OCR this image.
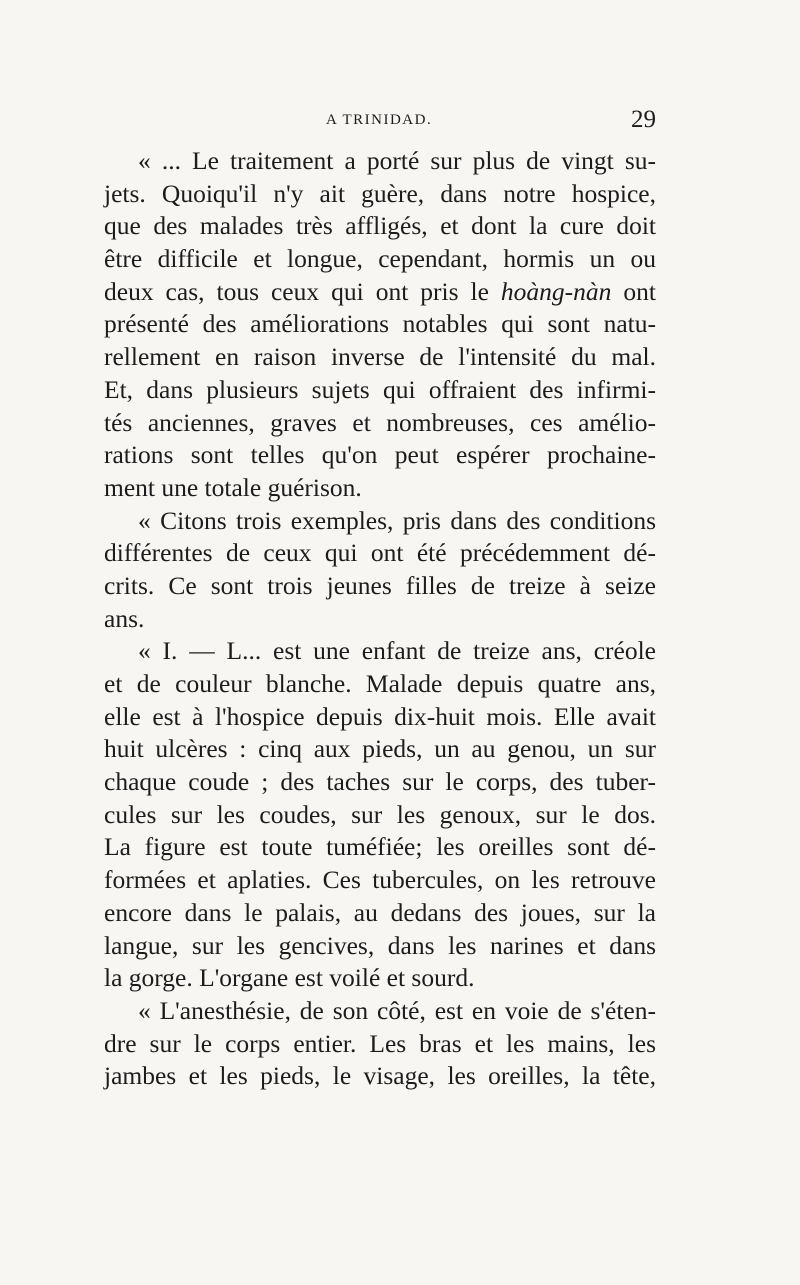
A TRINIDAD.	29
« ... Le traitement a porté sur plus de vingt su-
jets. Quoiqu'il n'y ait guère, dans notre hospice,
que des malades très affligés, et dont la cure doit
être difficile et longue, cependant, hormis un ou
deux cas, tous ceux qui ont pris le hoàng-nàn ont
présenté des améliorations notables qui sont natu-
rellement en raison inverse de l'intensité du mal.
Et, dans plusieurs sujets qui offraient des infirmi-
tés anciennes, graves et nombreuses, ces amélio-
rations sont telles qu'on peut espérer prochaine-
ment une totale guérison.
« Citons trois exemples, pris dans des conditions
différentes de ceux qui ont été précédemment dé-
crits. Ce sont trois jeunes filles de treize à seize
ans.
« I. — L... est une enfant de treize ans, créole
et de couleur blanche. Malade depuis quatre ans,
elle est à l'hospice depuis dix-huit mois. Elle avait
huit ulcères : cinq aux pieds, un au genou, un sur
chaque coude ; des taches sur le corps, des tuber-
cules sur les coudes, sur les genoux, sur le dos.
La figure est toute tuméfiée; les oreilles sont dé-
formées et aplaties. Ces tubercules, on les retrouve
encore dans le palais, au dedans des joues, sur la
langue, sur les gencives, dans les narines et dans
la gorge. L'organe est voilé et sourd.
« L'anesthésie, de son côté, est en voie de s'éten-
dre sur le corps entier. Les bras et les mains, les
jambes et les pieds, le visage, les oreilles, la tête,
